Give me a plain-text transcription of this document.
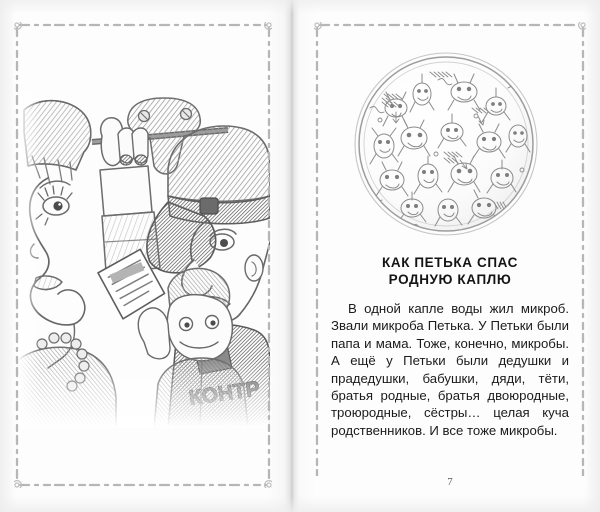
КАК ПЕТЬКА СПАС
РОДНУЮ КАПЛЮ

В одной капле воды жил микроб. Звали микроба Петька. У Петьки были папа и мама. Тоже, конечно, микробы. А ещё у Петьки были дедушки и прадедушки, бабушки, дяди, тёти, братья родные, братья двоюродные, троюродные, сёстры… целая куча родственников. И все тоже микробы.

7
